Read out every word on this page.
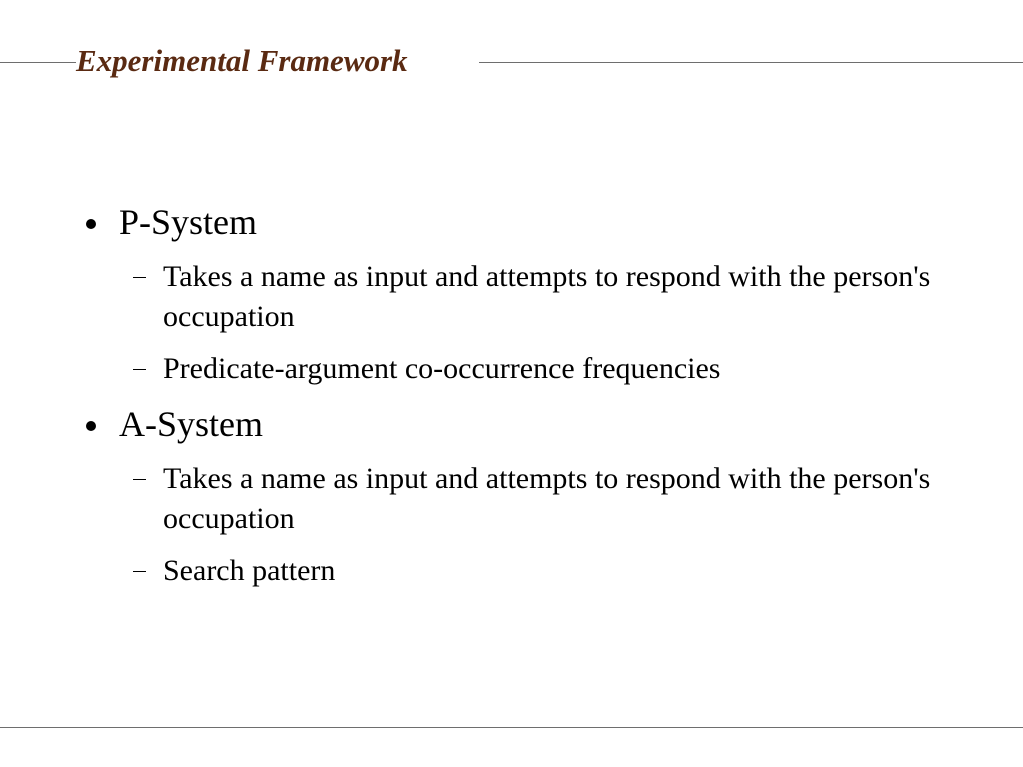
Experimental Framework
P-System
Takes a name as input and attempts to respond with the person's occupation
Predicate-argument co-occurrence frequencies
A-System
Takes a name as input and attempts to respond with the person's occupation
Search pattern
